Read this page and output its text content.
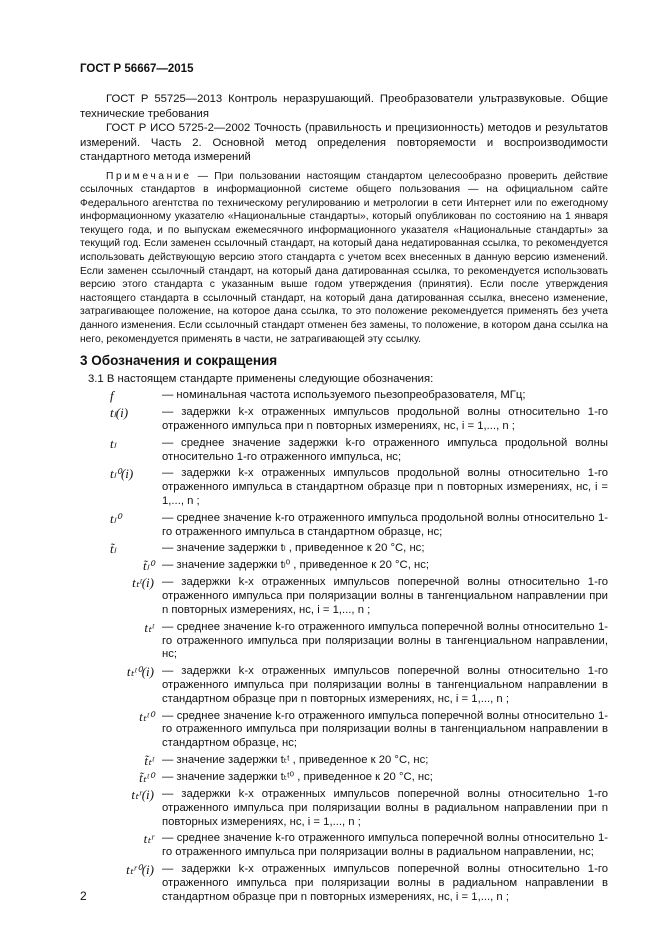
ГОСТ Р 56667—2015

ГОСТ Р 55725—2013 Контроль неразрушающий. Преобразователи ультразвуковые. Общие технические требования

ГОСТ Р ИСО 5725-2—2002 Точность (правильность и прецизионность) методов и результатов измерений. Часть 2. Основной метод определения повторяемости и воспроизводимости стандартного метода измерений

Примечание — При пользовании настоящим стандартом целесообразно проверить действие ссылочных стандартов в информационной системе общего пользования — на официальном сайте Федерального агентства по техническому регулированию и метрологии в сети Интернет или по ежегодному информационному указателю «Национальные стандарты», который опубликован по состоянию на 1 января текущего года, и по выпускам ежемесячного информационного указателя «Национальные стандарты» за текущий год. Если заменен ссылочный стандарт, на который дана недатированная ссылка, то рекомендуется использовать действующую версию этого стандарта с учетом всех внесенных в данную версию изменений. Если заменен ссылочный стандарт, на который дана датированная ссылка, то рекомендуется использовать версию этого стандарта с указанным выше годом утверждения (принятия). Если после утверждения настоящего стандарта в ссылочный стандарт, на который дана датированная ссылка, внесено изменение, затрагивающее положение, на которое дана ссылка, то это положение рекомендуется применять без учета данного изменения. Если ссылочный стандарт отменен без замены, то положение, в котором дана ссылка на него, рекомендуется применять в части, не затрагивающей эту ссылку.

3 Обозначения и сокращения

3.1 В настоящем стандарте применены следующие обозначения:

f	— номинальная частота используемого пьезопреобразователя, МГц;
tₗ(i)	— задержки k-х отраженных импульсов продольной волны относительно 1-го отраженного импульса при n повторных измерениях, нс, i = 1,..., n ;
tₗ	— среднее значение задержки k-го отраженного импульса продольной волны относительно 1-го отраженного импульса, нс;
tₗ⁰(i)	— задержки k-х отраженных импульсов продольной волны относительно 1-го отраженного импульса в стандартном образце при n повторных измерениях, нс, i = 1,..., n ;
tₗ⁰	— среднее значение k-го отраженного импульса продольной волны относительно 1-го отраженного импульса в стандартном образце, нс;
t̃ₗ	— значение задержки tₗ , приведенное к 20 °С, нс;
t̃ₗ⁰ — значение задержки tₗ⁰ , приведенное к 20 °С, нс;
tₜᵗ(i) — задержки k-х отраженных импульсов поперечной волны относительно 1-го отраженного импульса при поляризации волны в тангенциальном направлении при n повторных измерениях, нс, i = 1,..., n ;
tₜᵗ — среднее значение k-го отраженного импульса поперечной волны относительно 1-го отраженного импульса при поляризации волны в тангенциальном направлении, нс;
tₜᵗ⁰(i) — задержки k-х отраженных импульсов поперечной волны относительно 1-го отраженного импульса при поляризации волны в тангенциальном направлении в стандартном образце при n повторных измерениях, нс, i = 1,..., n ;
tₜᵗ⁰ — среднее значение k-го отраженного импульса поперечной волны относительно 1-го отраженного импульса при поляризации волны в тангенциальном направлении в стандартном образце, нс;
t̃ₜᵗ — значение задержки tₜᵗ , приведенное к 20 °С, нс;
t̃ₜᵗ⁰ — значение задержки tₜᵗ⁰ , приведенное к 20 °С, нс;
tₜʳ(i) — задержки k-х отраженных импульсов поперечной волны относительно 1-го отраженного импульса при поляризации волны в радиальном направлении при n повторных измерениях, нс, i = 1,..., n ;
tₜʳ — среднее значение k-го отраженного импульса поперечной волны относительно 1-го отраженного импульса при поляризации волны в радиальном направлении, нс;
tₜʳ⁰(i) — задержки k-х отраженных импульсов поперечной волны относительно 1-го отраженного импульса при поляризации волны в радиальном направлении в стандартном образце при n повторных измерениях, нс, i = 1,..., n ;
2
